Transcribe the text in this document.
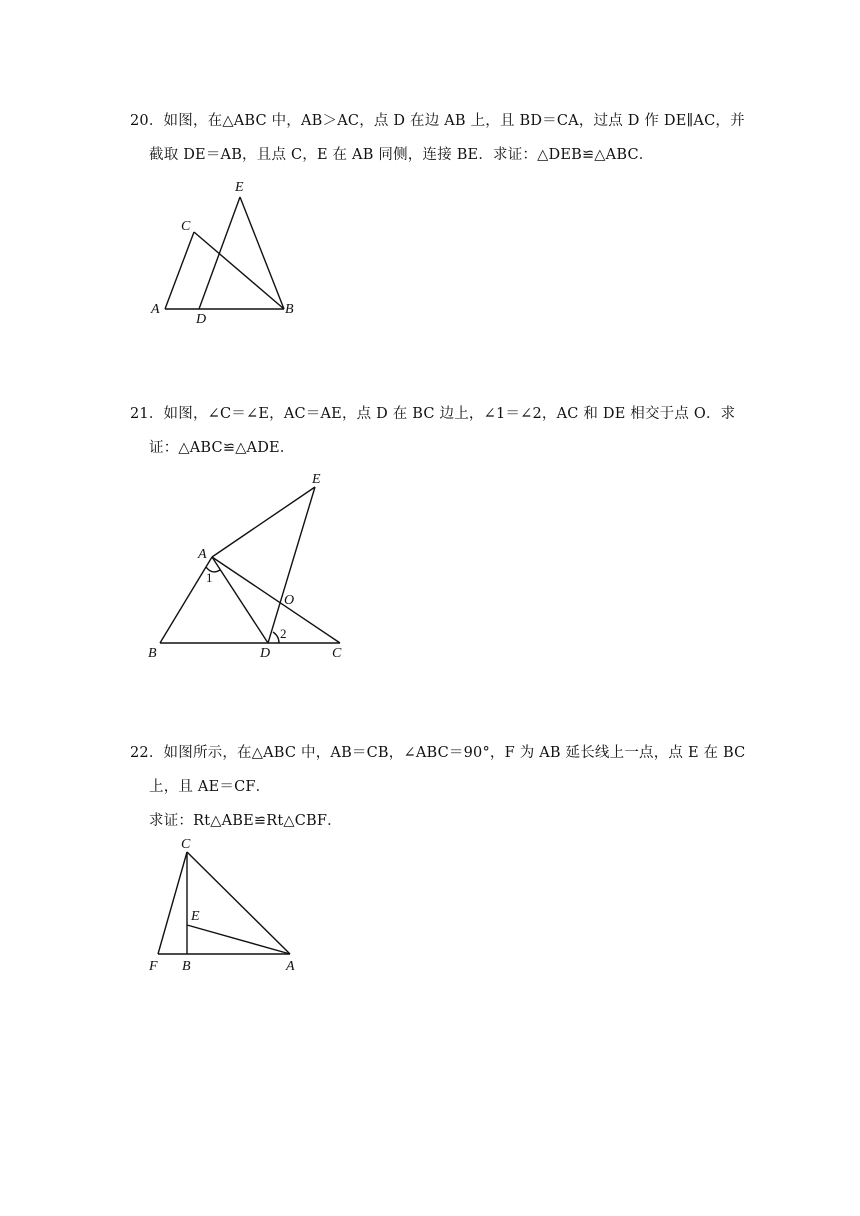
20．如图，在△ABC 中，AB＞AC，点 D 在边 AB 上，且 BD＝CA，过点 D 作 DE∥AC，并
截取 DE＝AB，且点 C，E 在 AB 同侧，连接 BE．求证：△DEB≌△ABC．
A
D
B
C
E
21．如图，∠C＝∠E，AC＝AE，点 D 在 BC 边上，∠1＝∠2，AC 和 DE 相交于点 O．求
证：△ABC≌△ADE．
A
B	D	C
E
O
1
2
22．如图所示，在△ABC 中，AB＝CB，∠ABC＝90°，F 为 AB 延长线上一点，点 E 在 BC
上，且 AE＝CF．
求证：Rt△ABE≌Rt△CBF．
C
E
F B	A
